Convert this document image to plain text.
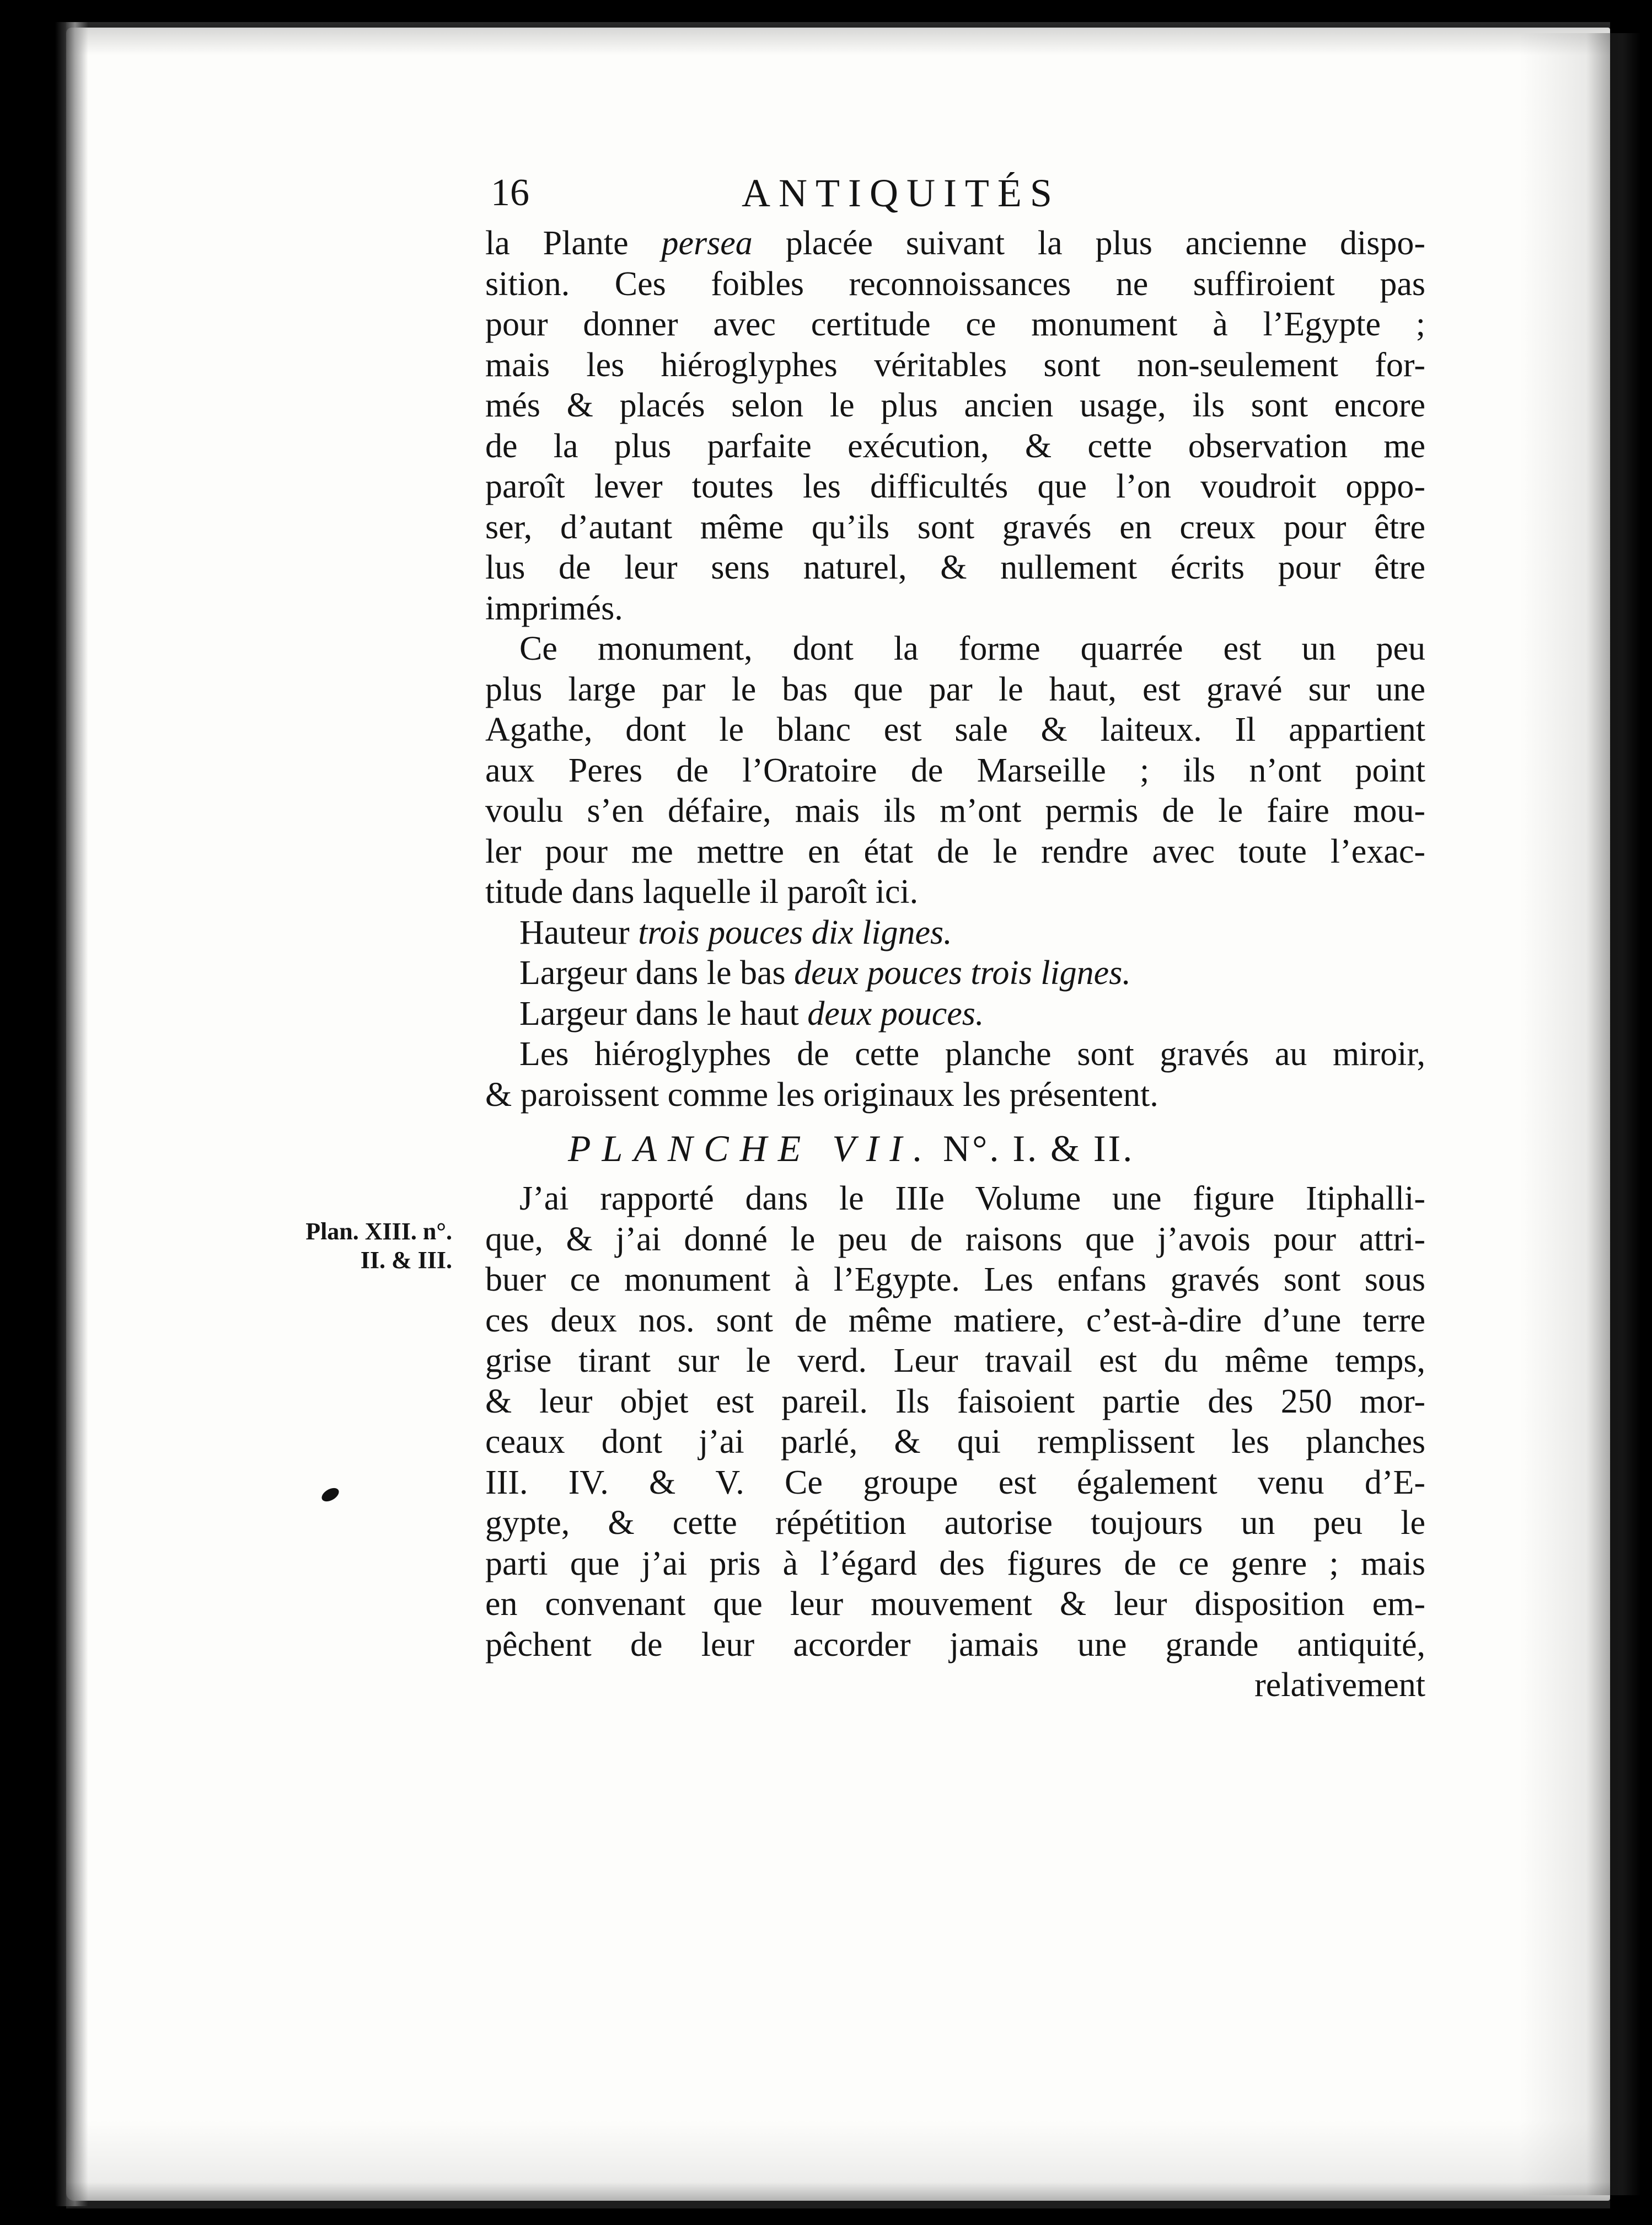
Plan. XIII. n°.
II. & III.
16	ANTIQUITÉS
la Plante persea placée suivant la plus ancienne dispo-
sition. Ces foibles reconnoissances ne suffiroient pas
pour donner avec certitude ce monument à l’Egypte ;
mais les hiéroglyphes véritables sont non-seulement for-
més & placés selon le plus ancien usage, ils sont encore
de la plus parfaite exécution, & cette observation me
paroît lever toutes les difficultés que l’on voudroit oppo-
ser, d’autant même qu’ils sont gravés en creux pour être
lus de leur sens naturel, & nullement écrits pour être
imprimés.
Ce monument, dont la forme quarrée est un peu
plus large par le bas que par le haut, est gravé sur une
Agathe, dont le blanc est sale & laiteux. Il appartient
aux Peres de l’Oratoire de Marseille ; ils n’ont point
voulu s’en défaire, mais ils m’ont permis de le faire mou-
ler pour me mettre en état de le rendre avec toute l’exac-
titude dans laquelle il paroît ici.
Hauteur trois pouces dix lignes.
Largeur dans le bas deux pouces trois lignes.
Largeur dans le haut deux pouces.
Les hiéroglyphes de cette planche sont gravés au miroir,
& paroissent comme les originaux les présentent.
PLANCHE VII. N°. I. & II.
J’ai rapporté dans le IIIe Volume une figure Itiphalli-
que, & j’ai donné le peu de raisons que j’avois pour attri-
buer ce monument à l’Egypte. Les enfans gravés sont sous
ces deux nos. sont de même matiere, c’est-à-dire d’une terre
grise tirant sur le verd. Leur travail est du même temps,
& leur objet est pareil. Ils faisoient partie des 250 mor-
ceaux dont j’ai parlé, & qui remplissent les planches
III. IV. & V. Ce groupe est également venu d’E-
gypte, & cette répétition autorise toujours un peu le
parti que j’ai pris à l’égard des figures de ce genre ; mais
en convenant que leur mouvement & leur disposition em-
pêchent de leur accorder jamais une grande antiquité,
relativement
